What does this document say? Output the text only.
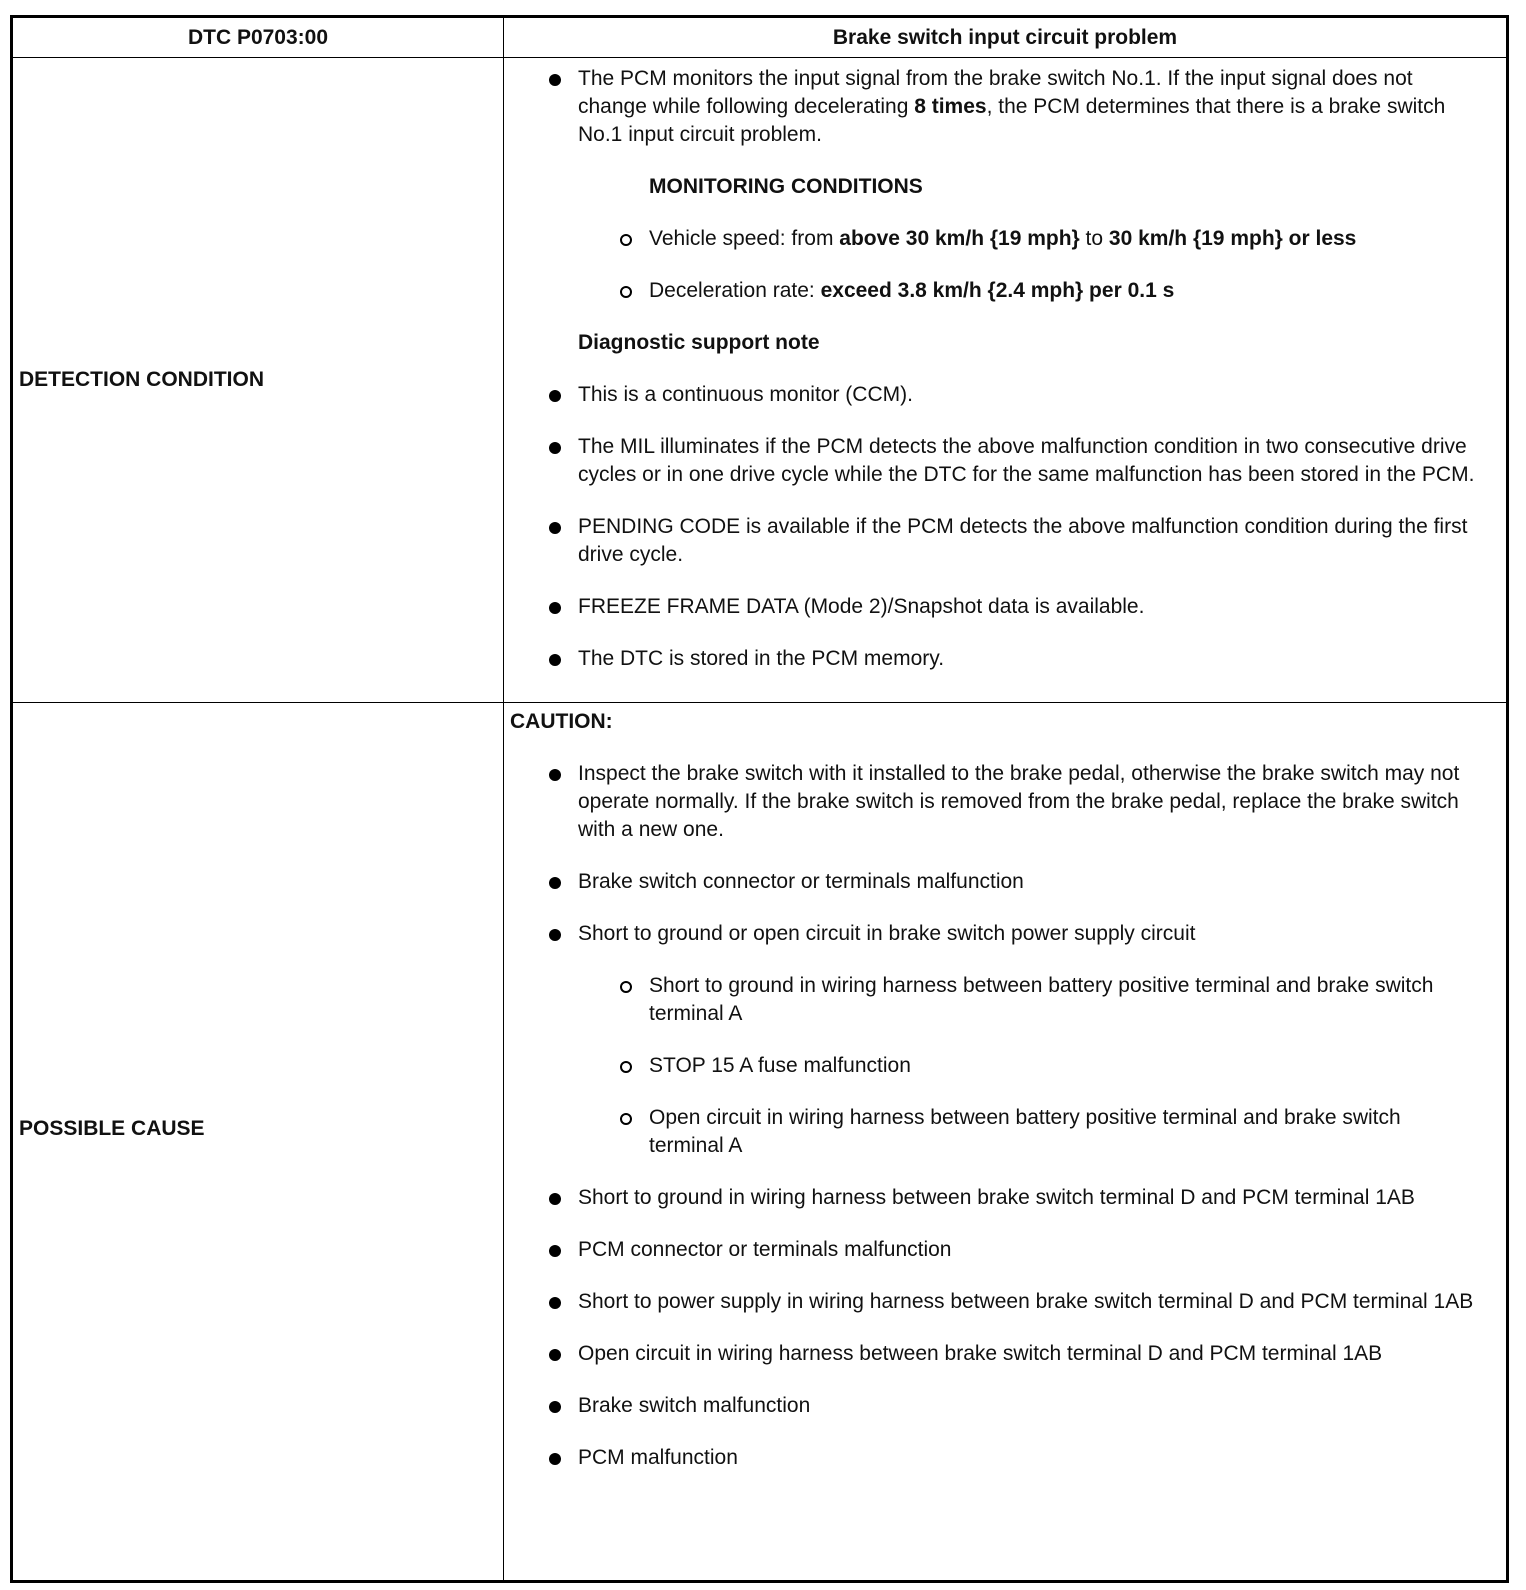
DTC P0703:00	Brake switch input circuit problem
DETECTION CONDITION
The PCM monitors the input signal from the brake switch No.1. If the input signal does not change while following decelerating 8 times, the PCM determines that there is a brake switch No.1 input circuit problem.
MONITORING CONDITIONS
Vehicle speed: from above 30 km/h {19 mph} to 30 km/h {19 mph} or less
Deceleration rate: exceed 3.8 km/h {2.4 mph} per 0.1 s
Diagnostic support note
This is a continuous monitor (CCM).
The MIL illuminates if the PCM detects the above malfunction condition in two consecutive drive cycles or in one drive cycle while the DTC for the same malfunction has been stored in the PCM.
PENDING CODE is available if the PCM detects the above malfunction condition during the first drive cycle.
FREEZE FRAME DATA (Mode 2)/Snapshot data is available.
The DTC is stored in the PCM memory.
POSSIBLE CAUSE
CAUTION:
Inspect the brake switch with it installed to the brake pedal, otherwise the brake switch may not operate normally. If the brake switch is removed from the brake pedal, replace the brake switch with a new one.
Brake switch connector or terminals malfunction
Short to ground or open circuit in brake switch power supply circuit
Short to ground in wiring harness between battery positive terminal and brake switch terminal A
STOP 15 A fuse malfunction
Open circuit in wiring harness between battery positive terminal and brake switch terminal A
Short to ground in wiring harness between brake switch terminal D and PCM terminal 1AB
PCM connector or terminals malfunction
Short to power supply in wiring harness between brake switch terminal D and PCM terminal 1AB
Open circuit in wiring harness between brake switch terminal D and PCM terminal 1AB
Brake switch malfunction
PCM malfunction
